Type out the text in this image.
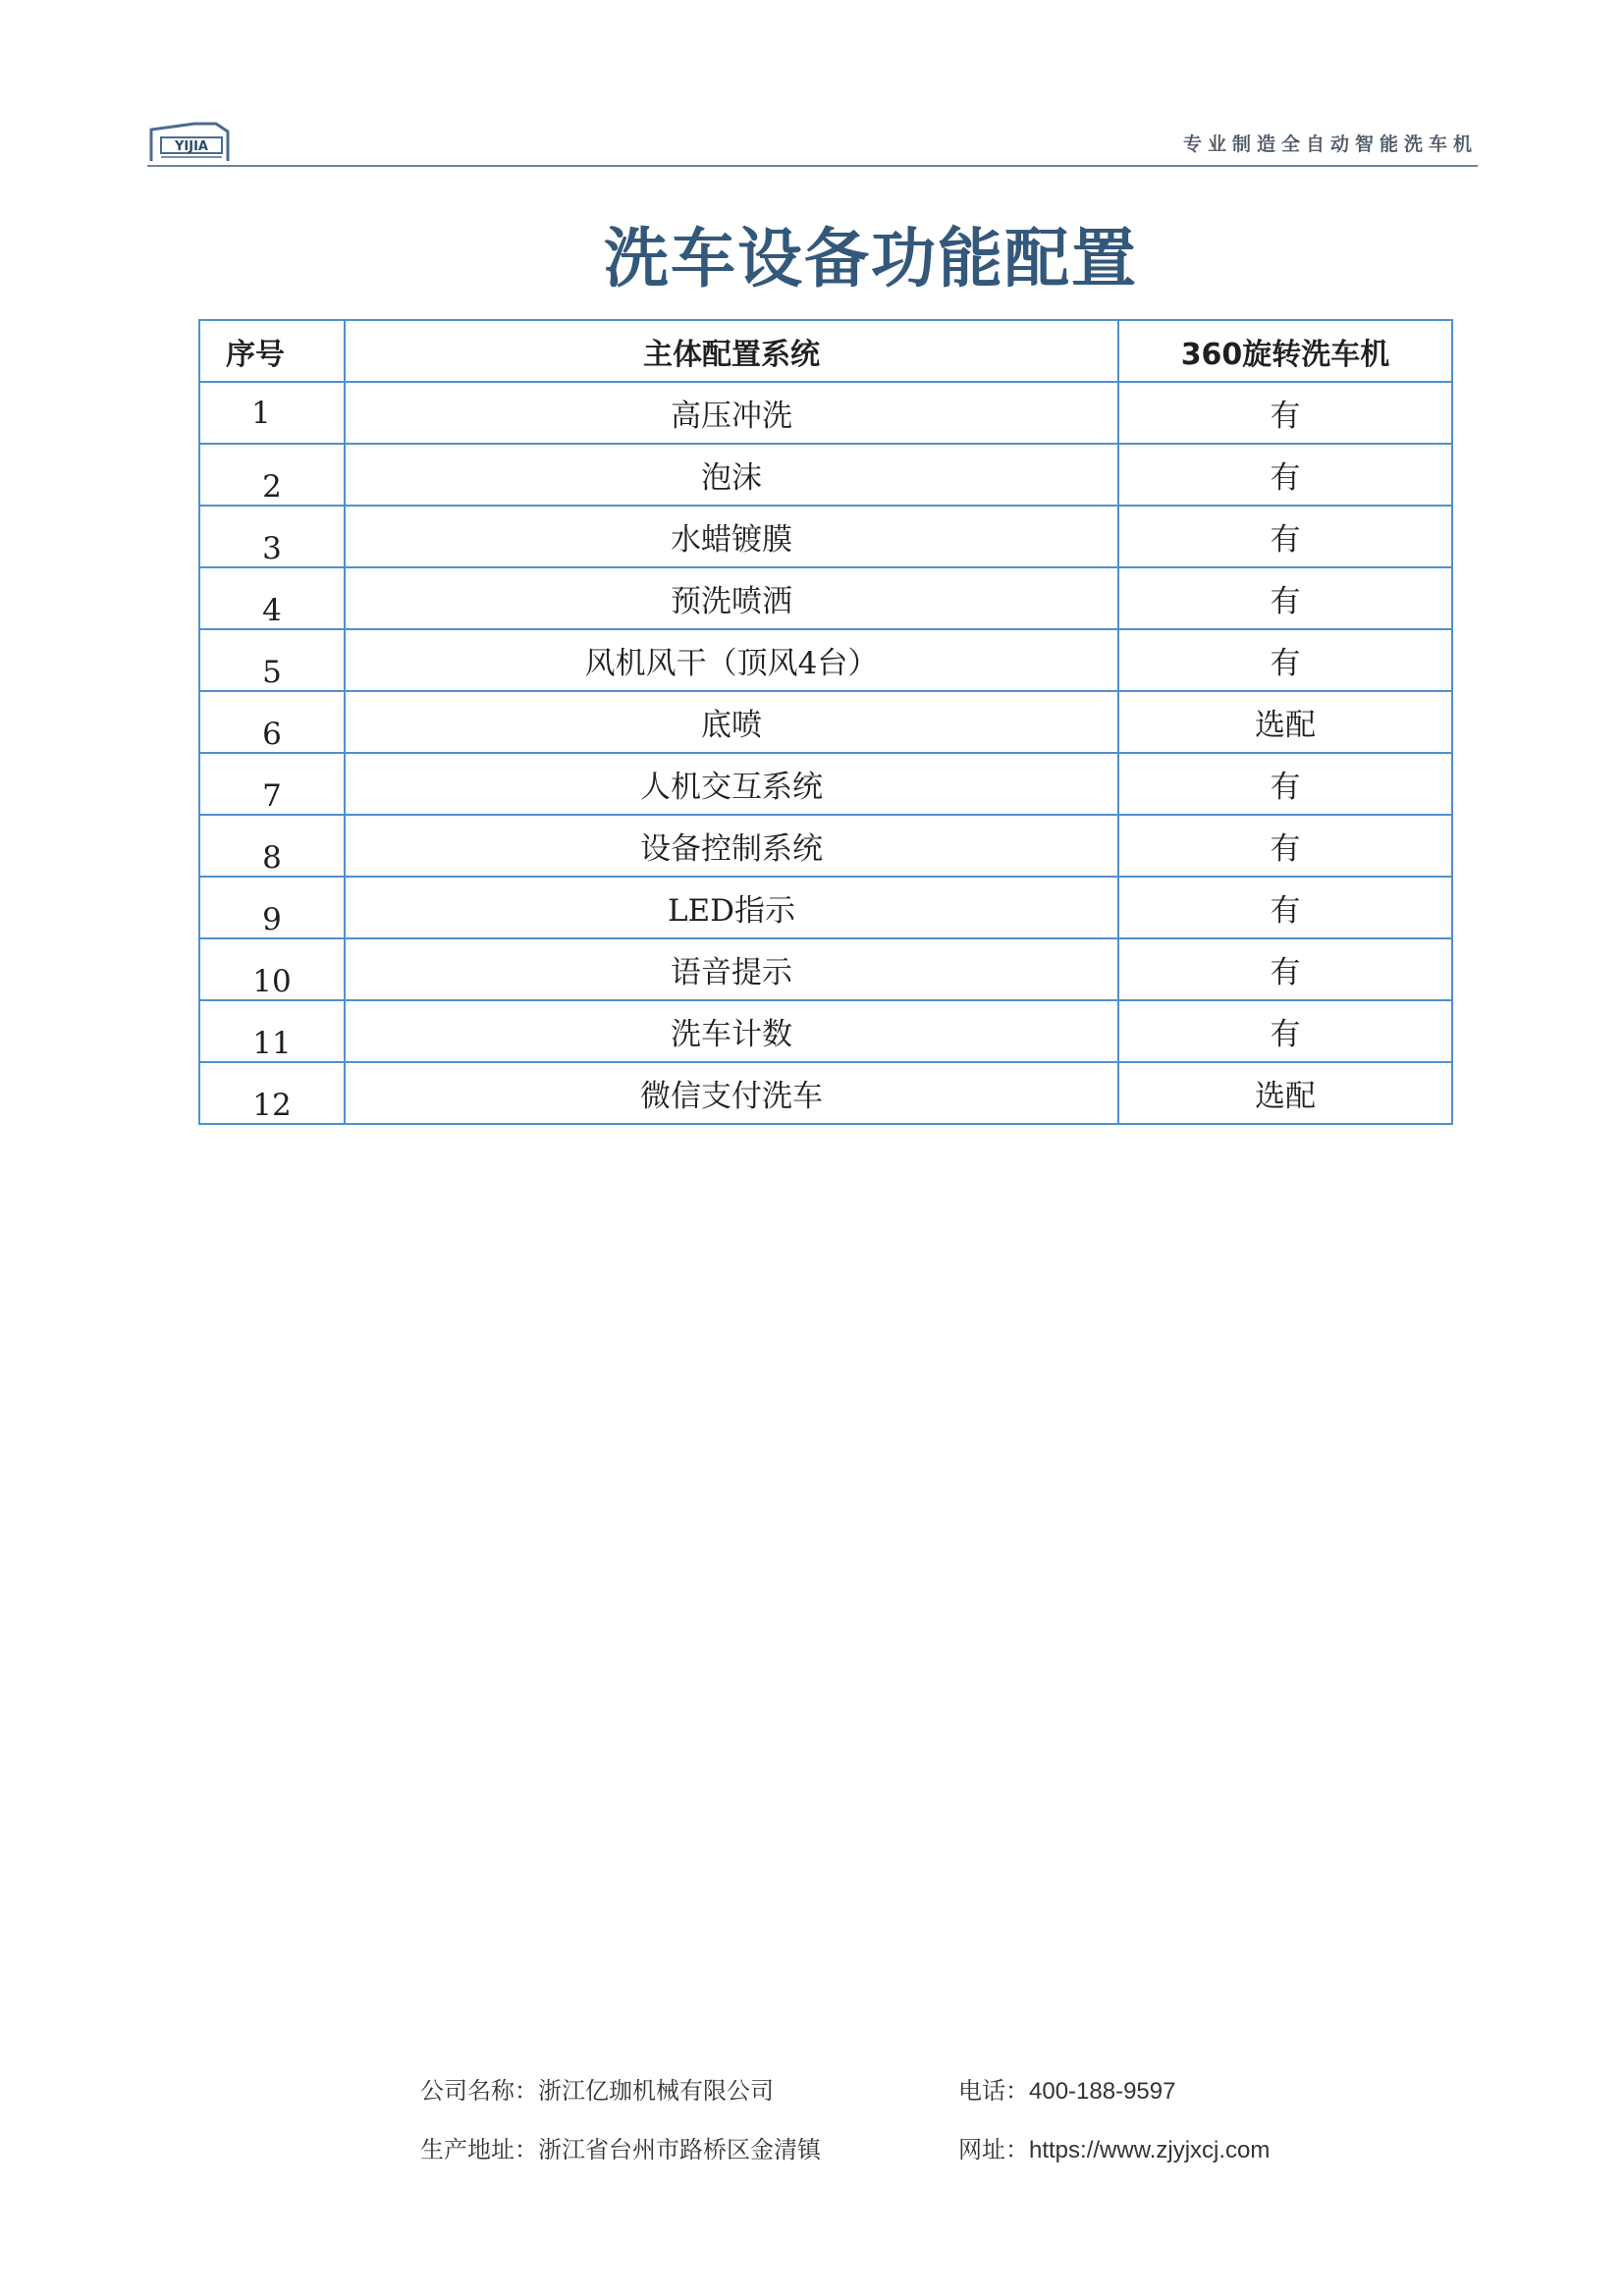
YIJIA	专业制造全自动智能洗车机
洗车设备功能配置
序号	主体配置系统	360旋转洗车机
1	高压冲洗	有
2	泡沫	有
3	水蜡镀膜	有
4	预洗喷洒	有
5	风机风干（顶风4台）	有
6	底喷	选配
7	人机交互系统	有
8	设备控制系统	有
9	LED指示	有
10	语音提示	有
11	洗车计数	有
12	微信支付洗车	选配
公司名称：浙江亿珈机械有限公司	电话：400-188-9597
生产地址：浙江省台州市路桥区金清镇	网址：https://www.zjyjxcj.com
